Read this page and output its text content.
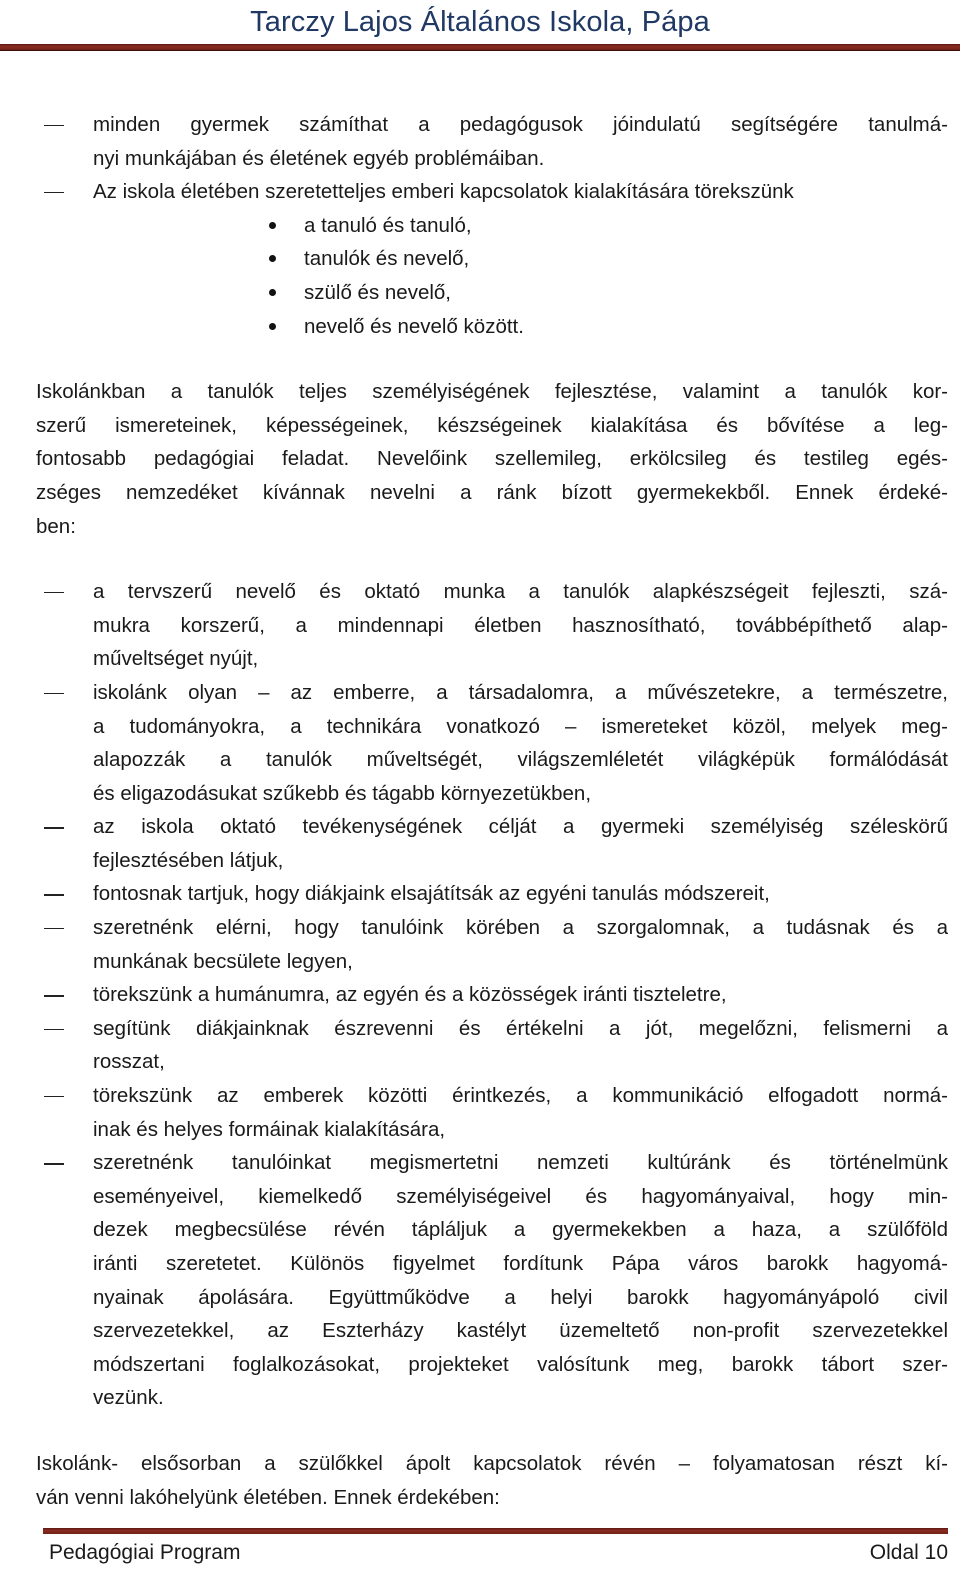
Tarczy Lajos Általános Iskola, Pápa
minden gyermek számíthat a pedagógusok jóindulatú segítségére tanulmá-
nyi munkájában és életének egyéb problémáiban.
Az iskola életében szeretetteljes emberi kapcsolatok kialakítására törekszünk
a tanuló és tanuló,
tanulók és nevelő,
szülő és nevelő,
nevelő és nevelő között.
Iskolánkban a tanulók teljes személyiségének fejlesztése, valamint a tanulók kor-
szerű ismereteinek, képességeinek, készségeinek kialakítása és bővítése a leg-
fontosabb pedagógiai feladat. Nevelőink szellemileg, erkölcsileg és testileg egés-
zséges nemzedéket kívánnak nevelni a ránk bízott gyermekekből. Ennek érdeké-
ben:
a tervszerű nevelő és oktató munka a tanulók alapkészségeit fejleszti, szá-
mukra korszerű, a mindennapi életben hasznosítható, továbbépíthető alap-
műveltséget nyújt,
iskolánk olyan – az emberre, a társadalomra, a művészetekre, a természetre,
a tudományokra, a technikára vonatkozó – ismereteket közöl, melyek meg-
alapozzák a tanulók műveltségét, világszemléletét világképük formálódását
és eligazodásukat szűkebb és tágabb környezetükben,
az iskola oktató tevékenységének célját a gyermeki személyiség széleskörű
fejlesztésében látjuk,
fontosnak tartjuk, hogy diákjaink elsajátítsák az egyéni tanulás módszereit,
szeretnénk elérni, hogy tanulóink körében a szorgalomnak, a tudásnak és a
munkának becsülete legyen,
törekszünk a humánumra, az egyén és a közösségek iránti tiszteletre,
segítünk diákjainknak észrevenni és értékelni a jót, megelőzni, felismerni a
rosszat,
törekszünk az emberek közötti érintkezés, a kommunikáció elfogadott normá-
inak és helyes formáinak kialakítására,
szeretnénk tanulóinkat megismertetni nemzeti kultúránk és történelmünk
eseményeivel, kiemelkedő személyiségeivel és hagyományaival, hogy min-
dezek megbecsülése révén tápláljuk a gyermekekben a haza, a szülőföld
iránti szeretetet. Különös figyelmet fordítunk Pápa város barokk hagyomá-
nyainak ápolására. Együttműködve a helyi barokk hagyományápoló civil
szervezetekkel, az Eszterházy kastélyt üzemeltető non-profit szervezetekkel
módszertani foglalkozásokat, projekteket valósítunk meg, barokk tábort szer-
vezünk.
Iskolánk- elsősorban a szülőkkel ápolt kapcsolatok révén – folyamatosan részt kí-
ván venni lakóhelyünk életében. Ennek érdekében:
Pedagógiai Program	Oldal 10
